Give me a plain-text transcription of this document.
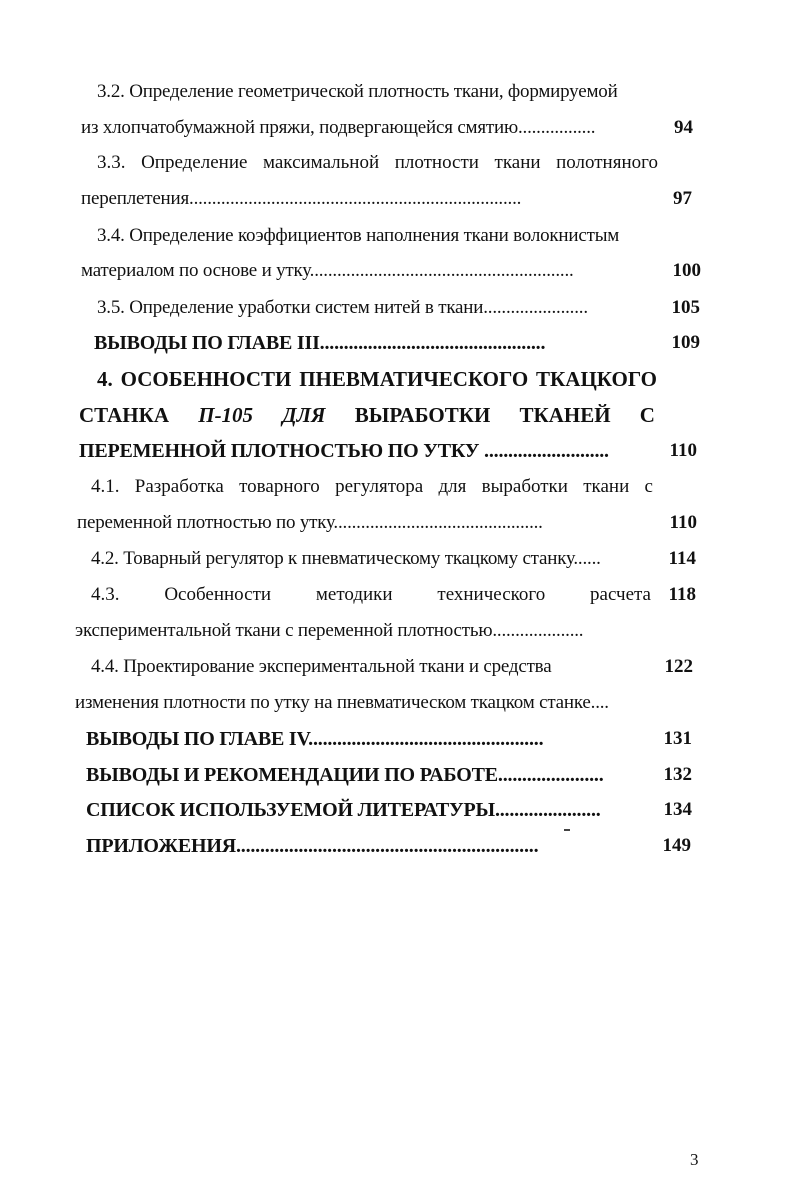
3.2. Определение геометрической плотность ткани, формируемой
из хлопчатобумажной пряжи, подвергающейся смятию.................	94
3.3. Определение максимальной плотности ткани полотняного
переплетения.........................................................................	97
3.4. Определение коэффициентов наполнения ткани волокнистым
материалом по основе и утку..........................................................	100
3.5. Определение уработки систем нитей в ткани.......................	105
ВЫВОДЫ ПО ГЛАВЕ III...............................................	109
4. ОСОБЕННОСТИ ПНЕВМАТИЧЕСКОГО ТКАЦКОГО
СТАНКА П-105 ДЛЯ ВЫРАБОТКИ ТКАНЕЙ С
ПЕРЕМЕННОЙ ПЛОТНОСТЬЮ ПО УТКУ ..........................	110
4.1. Разработка товарного регулятора для выработки ткани с
переменной плотностью по утку..............................................	110
4.2. Товарный регулятор к пневматическому ткацкому станку......	114
4.3. Особенности методики технического расчета 118
экспериментальной ткани с переменной плотностью....................
4.4. Проектирование экспериментальной ткани и средства	122
изменения плотности по утку на пневматическом ткацком станке....
ВЫВОДЫ ПО ГЛАВЕ IV.................................................	131
ВЫВОДЫ И РЕКОМЕНДАЦИИ ПО РАБОТЕ......................	132
СПИСОК ИСПОЛЬЗУЕМОЙ ЛИТЕРАТУРЫ......................	134
ПРИЛОЖЕНИЯ...............................................................	149
3
